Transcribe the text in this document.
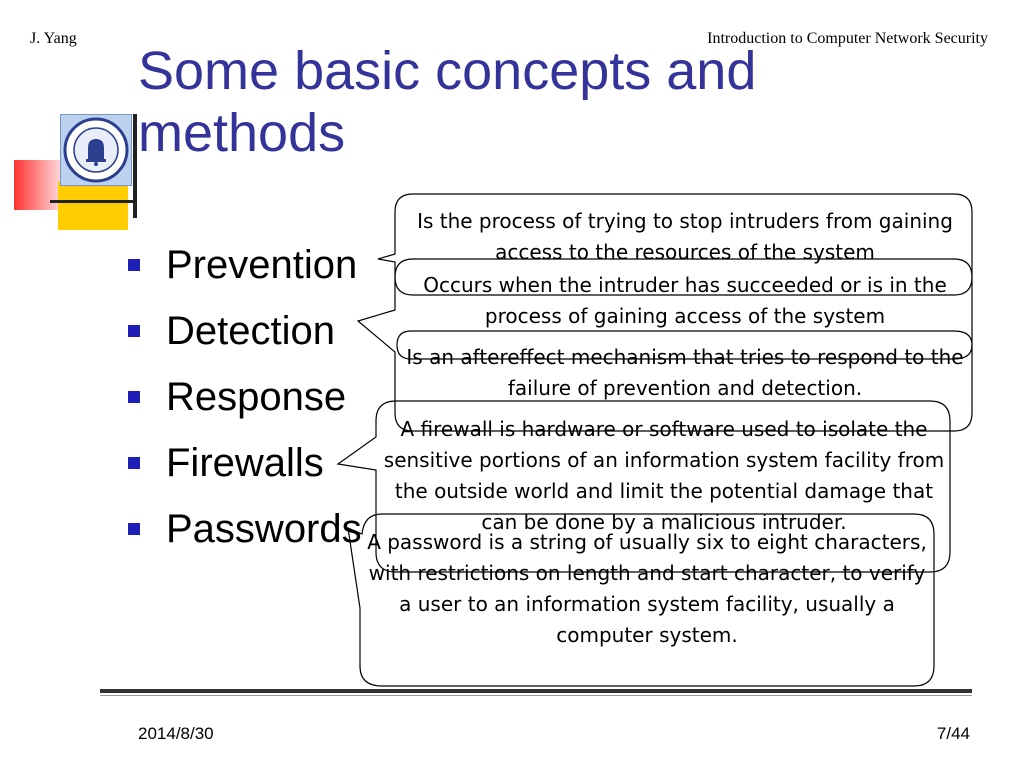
J. Yang	Introduction to Computer Network Security
Some basic concepts and
methods
Prevention
Detection
Response
Firewalls
Passwords
Is the process of trying to stop intruders from gaining access to the resources of the system
Occurs when the intruder has succeeded or is in the process of gaining access of the system
Is an aftereffect mechanism that tries to respond to the failure of prevention and detection.
A firewall is hardware or software used to isolate the sensitive portions of an information system facility from the outside world and limit the potential damage that can be done by a malicious intruder.
A password is a string of usually six to eight characters, with restrictions on length and start character, to verify a user to an information system facility, usually a computer system.
2014/8/30	7/44
